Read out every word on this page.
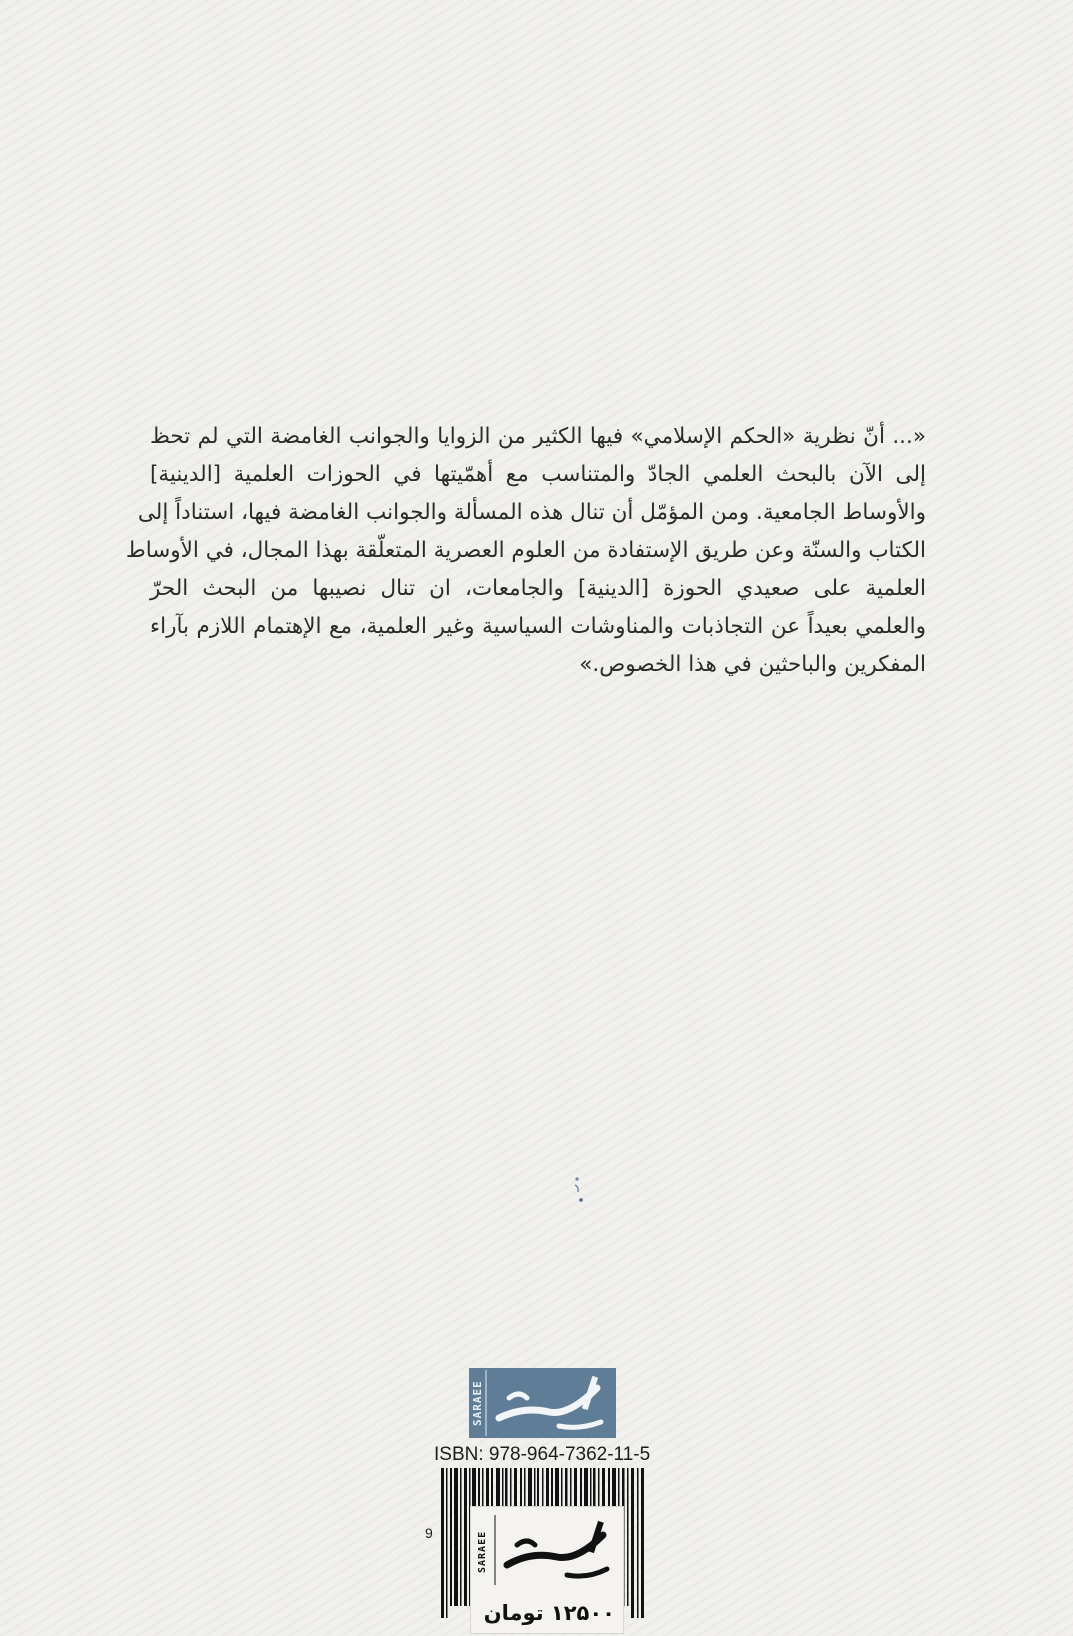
«... أنّ نظرية «الحكم الإسلامي» فيها الكثير من الزوايا والجوانب الغامضة التي لم تحظ

إلى الآن بالبحث العلمي الجادّ والمتناسب مع أهمّيتها في الحوزات العلمية [الدينية]

والأوساط الجامعية. ومن المؤمّل أن تنال هذه المسألة والجوانب الغامضة فيها، استناداً إلى

الكتاب والسنّة وعن طريق الإستفادة من العلوم العصرية المتعلّقة بهذا المجال، في الأوساط

العلمية على صعيدي الحوزة [الدينية] والجامعات، ان تنال نصيبها من البحث الحرّ

والعلمي بعيداً عن التجاذبات والمناوشات السياسية وغير العلمية، مع الإهتمام اللازم بآراء

المفكرين والباحثين في هذا الخصوص.»

SARAEE
ISBN: 978-964-7362-11-5
9	SARAEE
۱۲۵۰۰ تومان
